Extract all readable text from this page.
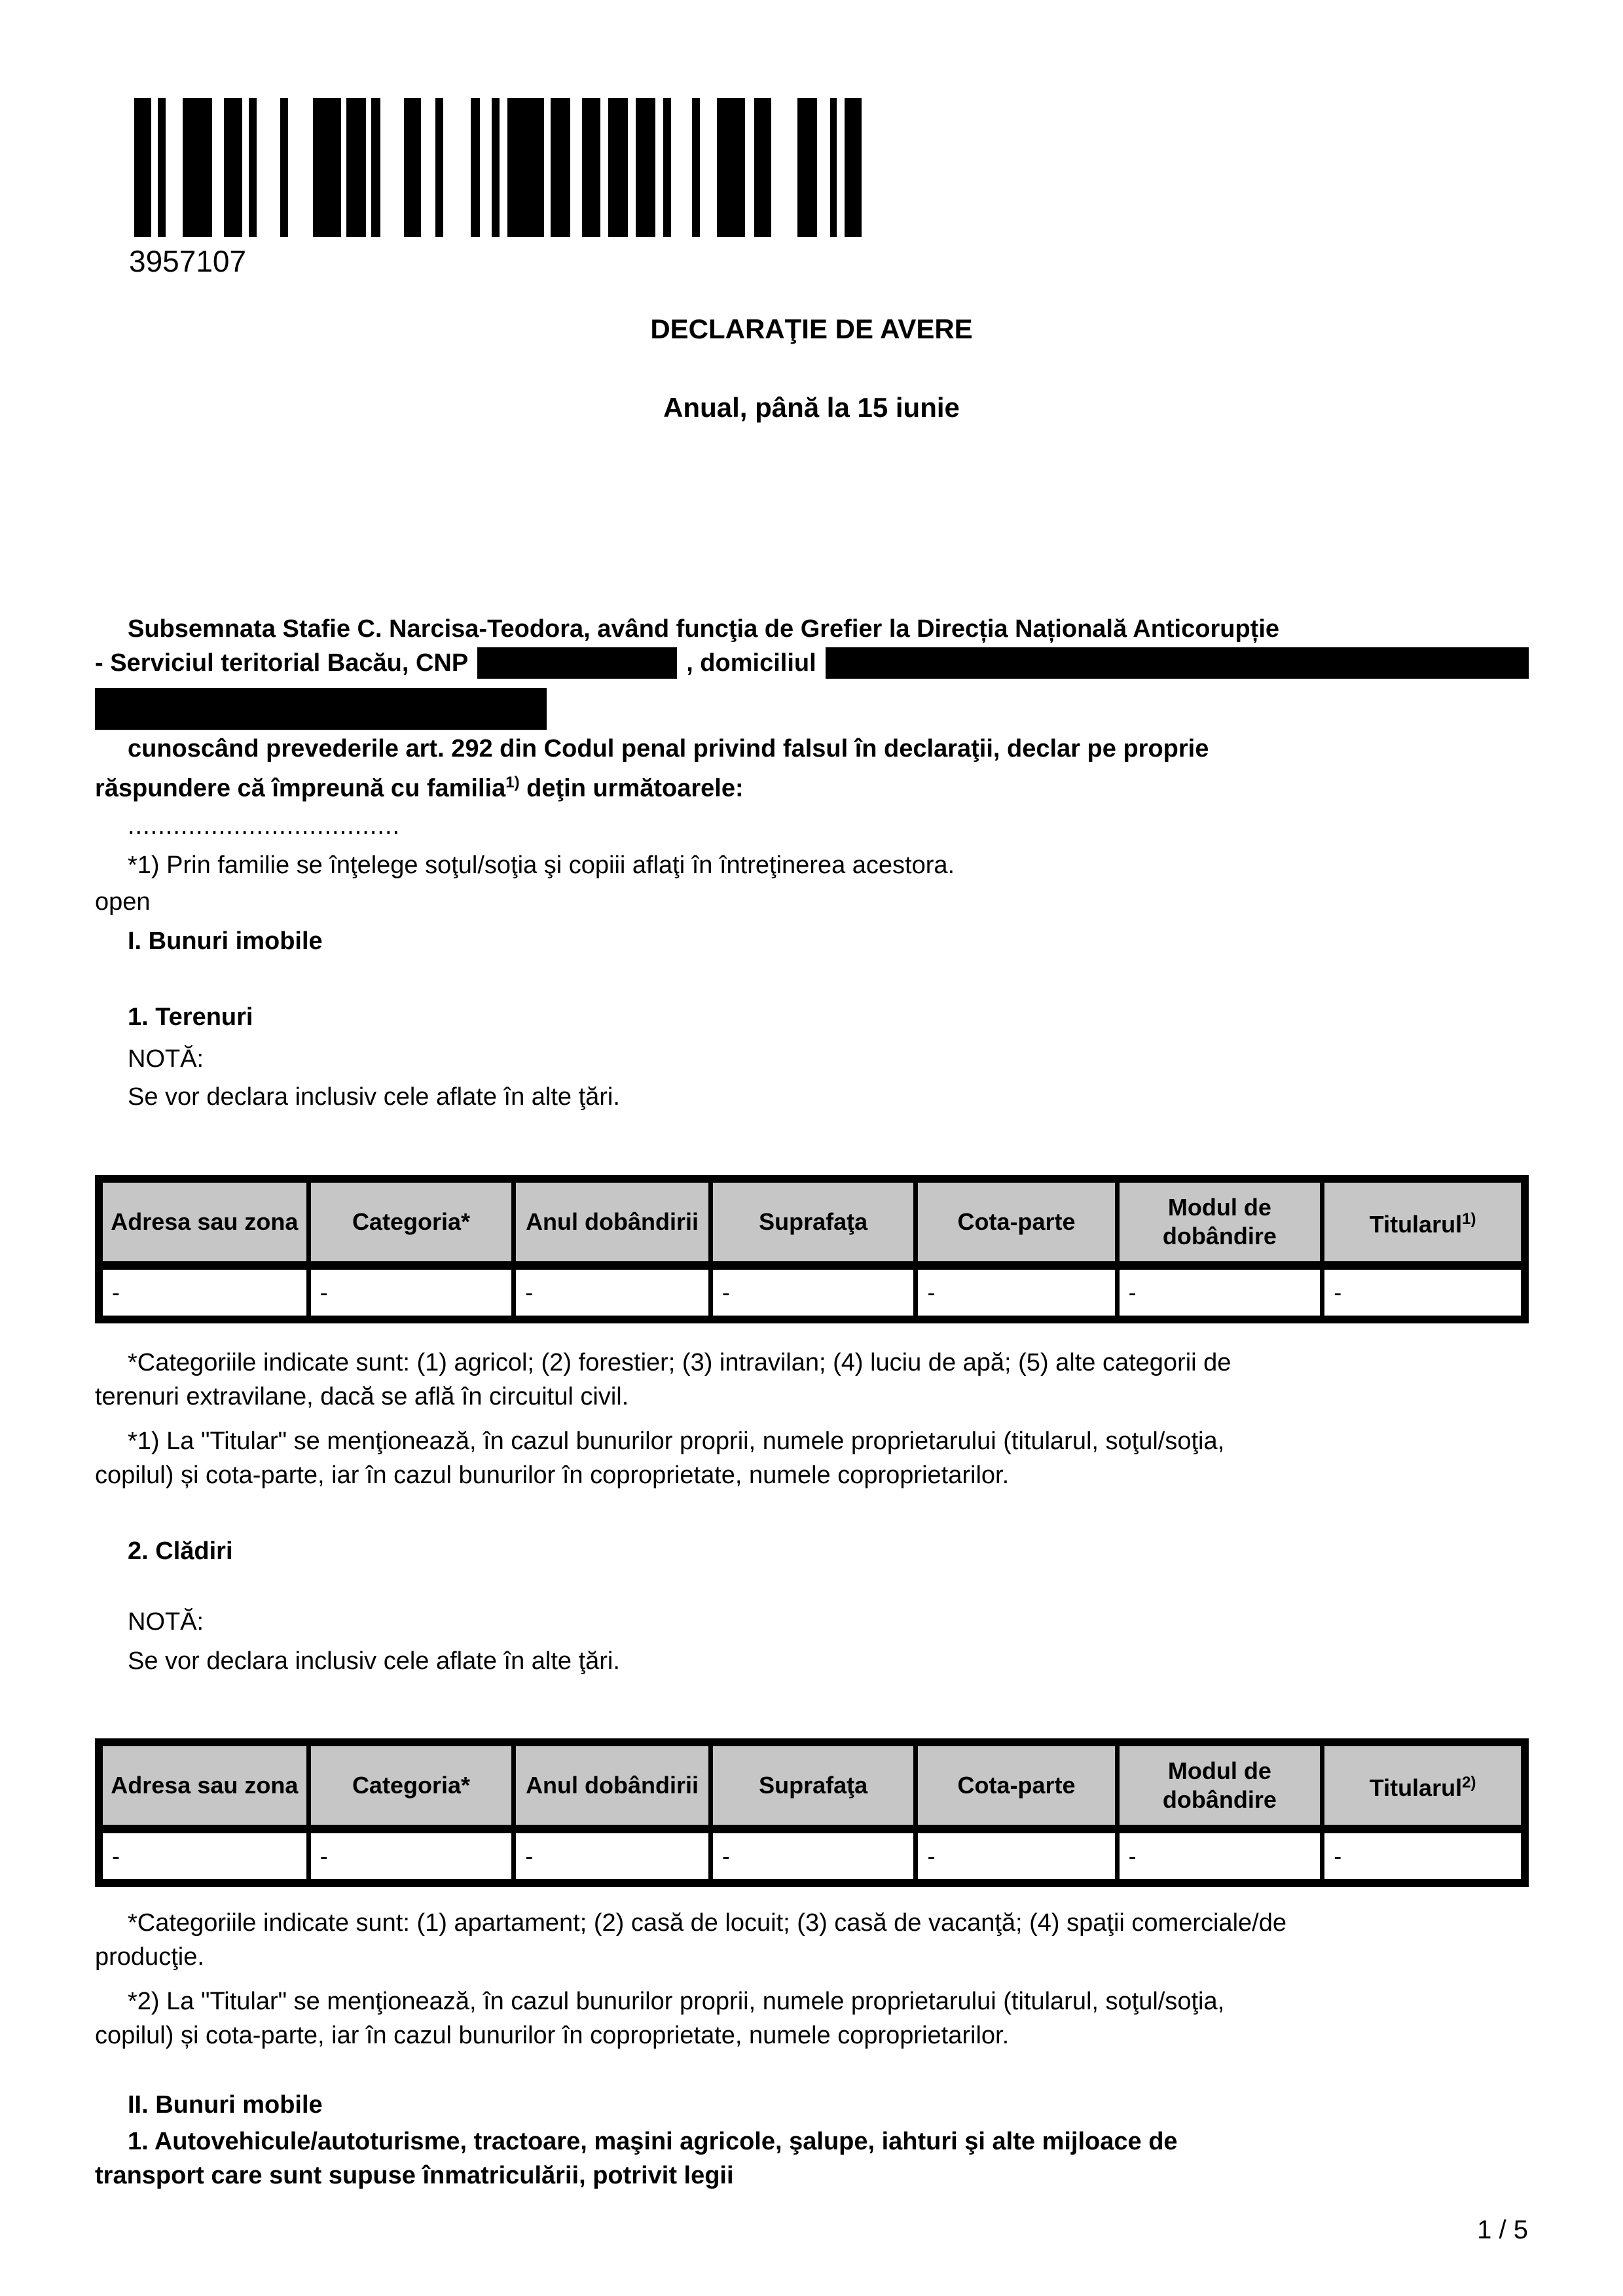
3957107
DECLARAŢIE DE AVERE
Anual, până la 15 iunie
Subsemnata Stafie C. Narcisa-Teodora, având funcţia de Grefier la Direcția Națională Anticorupție
- Serviciul teritorial Bacău, CNP	, domiciliul
cunoscând prevederile art. 292 din Codul penal privind falsul în declaraţii, declar pe proprie
răspundere că împreună cu familia$^{1)}$ deţin următoarele:
....................................
*1) Prin familie se înţelege soţul/soţia şi copiii aflaţi în întreţinerea acestora.
open
I. Bunuri imobile
1. Terenuri
NOTĂ:
Se vor declara inclusiv cele aflate în alte ţări.
Adresa sau zona	Categoria*	Anul dobândirii	Suprafaţa	Cota-parte	Modul de dobândire	Titularul$^{1)}$
-	-	-	-	-	-	-
*Categoriile indicate sunt: (1) agricol; (2) forestier; (3) intravilan; (4) luciu de apă; (5) alte categorii de
terenuri extravilane, dacă se află în circuitul civil.
*1) La "Titular" se menţionează, în cazul bunurilor proprii, numele proprietarului (titularul, soţul/soţia,
copilul) și cota-parte, iar în cazul bunurilor în coproprietate, numele coproprietarilor.
2. Clădiri
NOTĂ:
Se vor declara inclusiv cele aflate în alte ţări.
Adresa sau zona	Categoria*	Anul dobândirii	Suprafaţa	Cota-parte	Modul de dobândire	Titularul$^{2)}$
-	-	-	-	-	-	-
*Categoriile indicate sunt: (1) apartament; (2) casă de locuit; (3) casă de vacanţă; (4) spaţii comerciale/de
producţie.
*2) La "Titular" se menţionează, în cazul bunurilor proprii, numele proprietarului (titularul, soţul/soţia,
copilul) și cota-parte, iar în cazul bunurilor în coproprietate, numele coproprietarilor.
II. Bunuri mobile
1. Autovehicule/autoturisme, tractoare, maşini agricole, şalupe, iahturi şi alte mijloace de
transport care sunt supuse înmatriculării, potrivit legii
1 / 5
